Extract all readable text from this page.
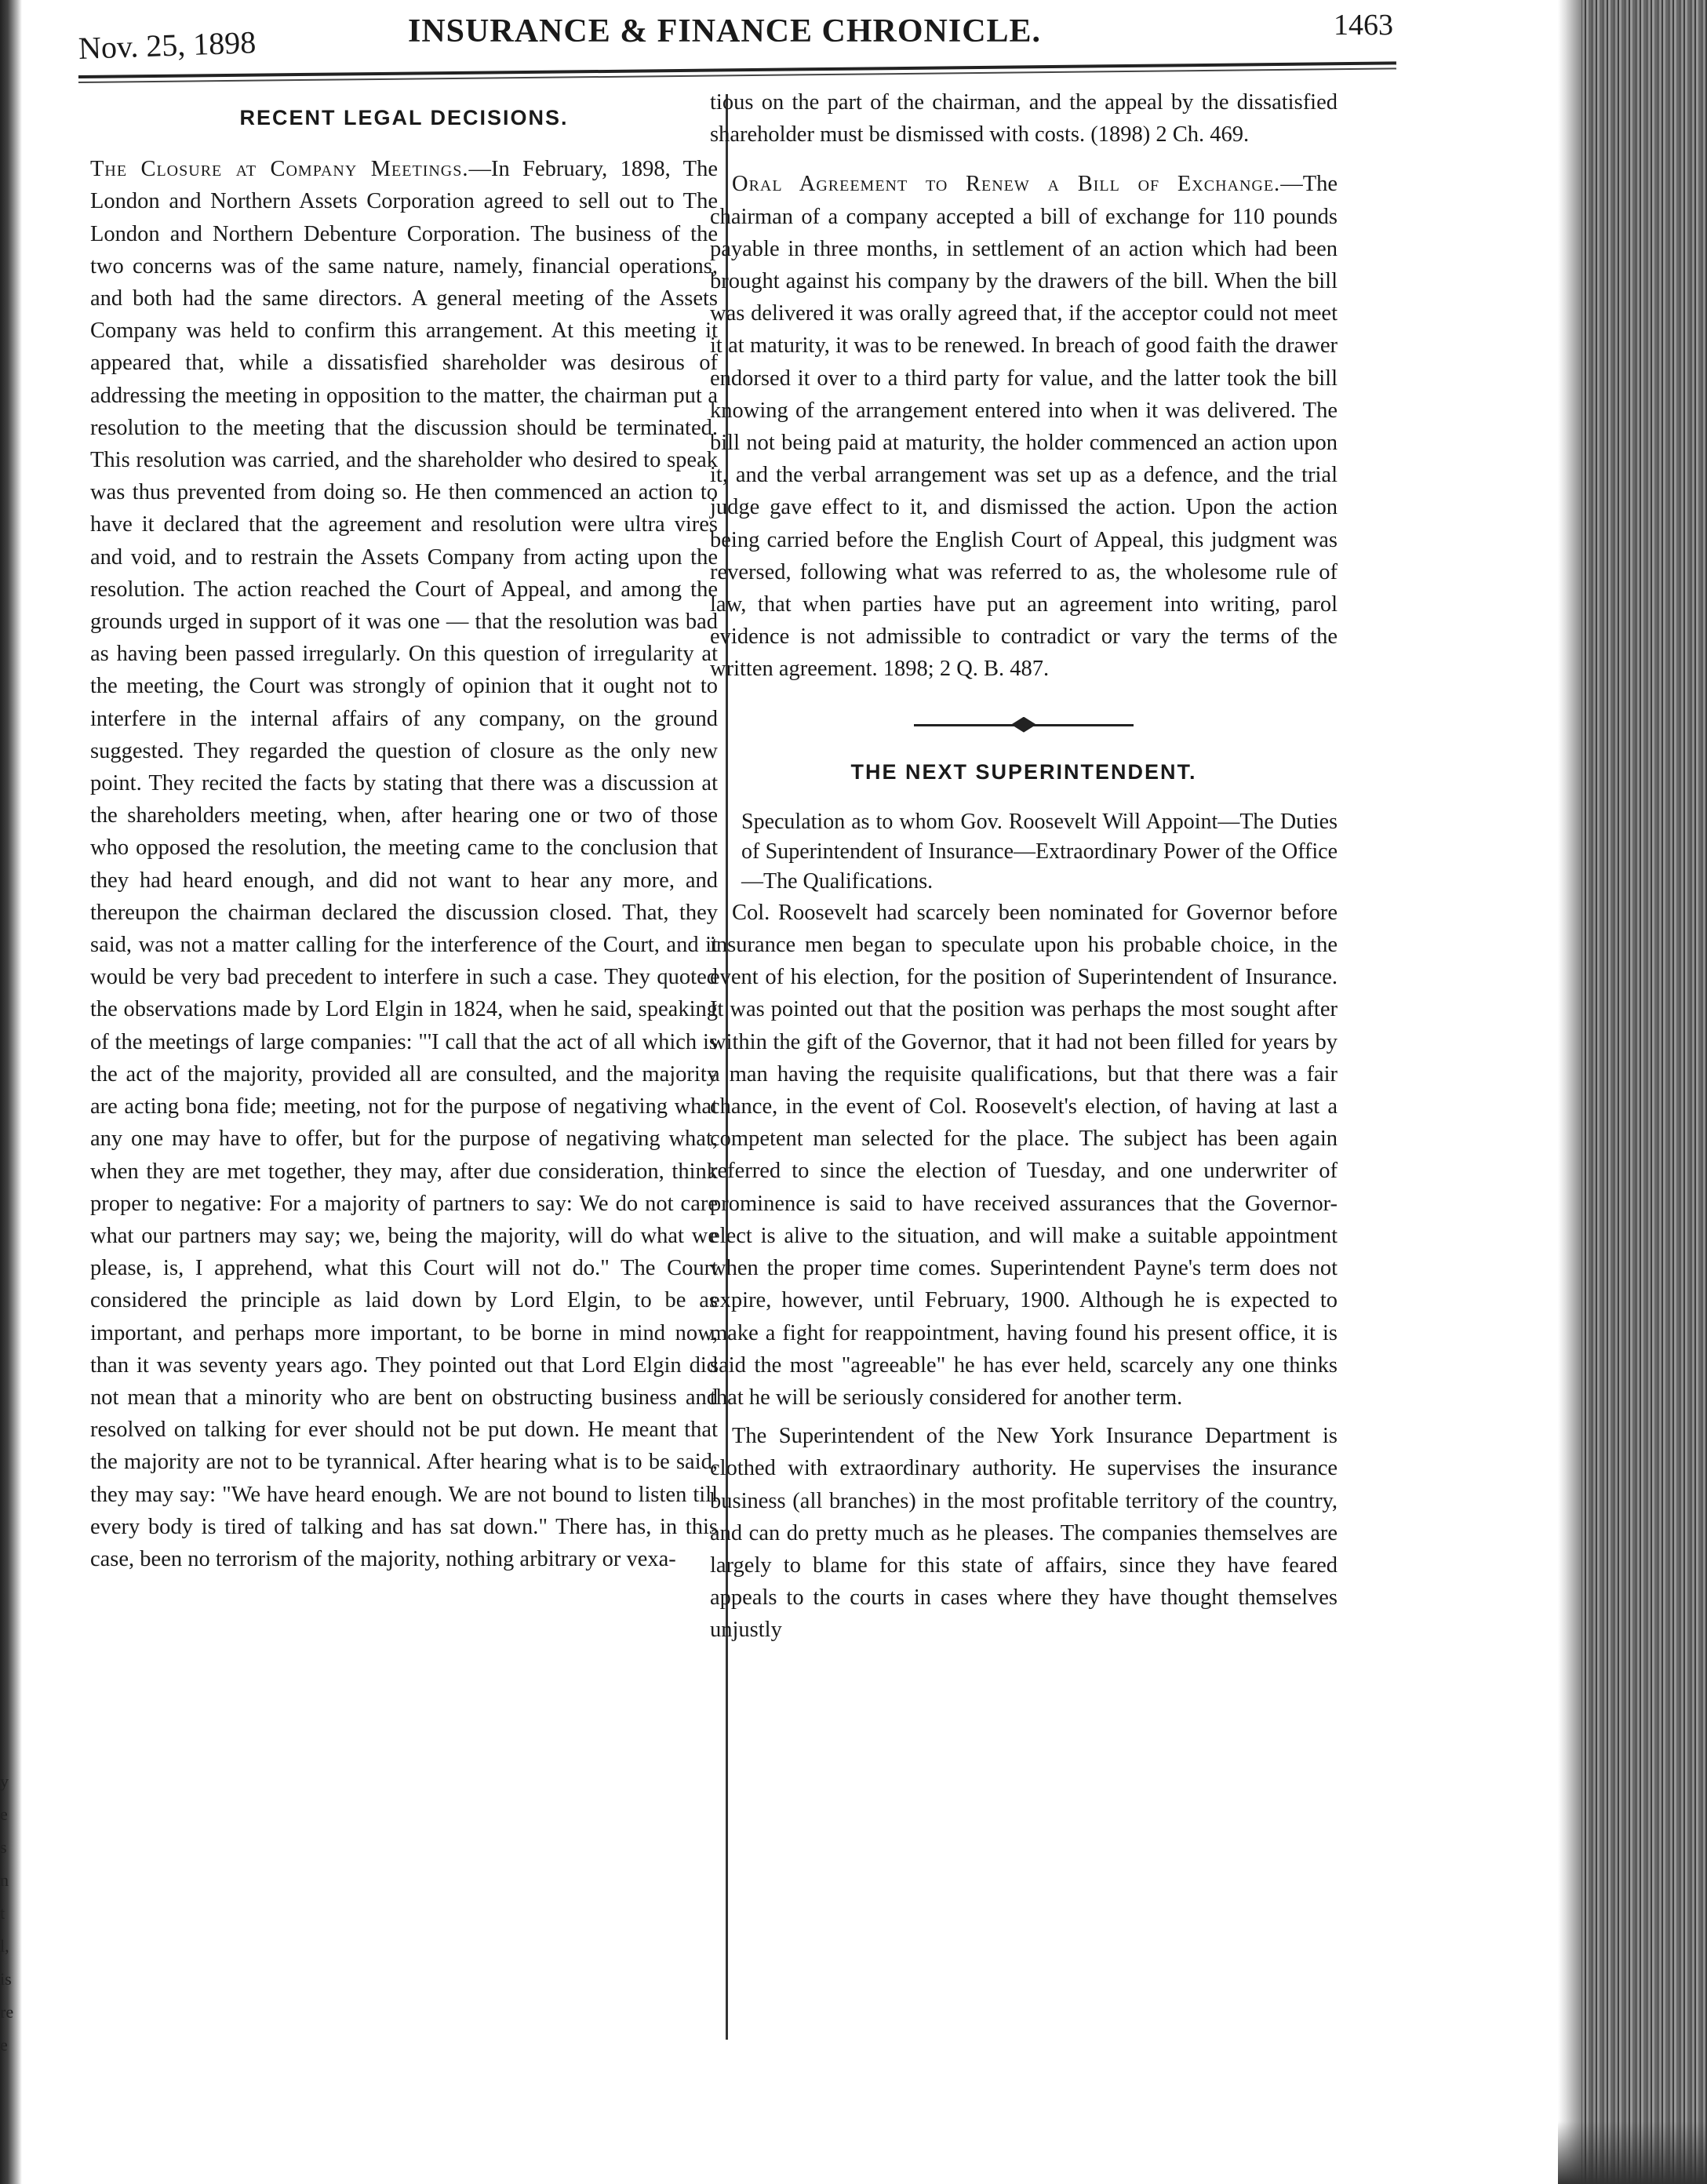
y
e
s
n
t
l,
is
re
e
Nov. 25, 1898	INSURANCE & FINANCE CHRONICLE.	1463
RECENT LEGAL DECISIONS.

The Closure at Company Meetings.—In February, 1898, The London and Northern Assets Corporation agreed to sell out to The London and Northern Debenture Corporation. The business of the two concerns was of the same nature, namely, financial operations, and both had the same directors. A general meeting of the Assets Company was held to confirm this arrangement. At this meeting it appeared that, while a dissatisfied shareholder was desirous of addressing the meeting in opposition to the matter, the chairman put a resolution to the meeting that the discussion should be terminated. This resolution was carried, and the shareholder who desired to speak was thus prevented from doing so. He then commenced an action to have it declared that the agreement and resolution were ultra vires and void, and to restrain the Assets Company from acting upon the resolution. The action reached the Court of Appeal, and among the grounds urged in support of it was one — that the resolution was bad as having been passed irregularly. On this question of irregularity at the meeting, the Court was strongly of opinion that it ought not to interfere in the internal affairs of any company, on the ground suggested. They regarded the question of closure as the only new point. They recited the facts by stating that there was a discussion at the shareholders meeting, when, after hearing one or two of those who opposed the resolution, the meeting came to the conclusion that they had heard enough, and did not want to hear any more, and thereupon the chairman declared the discussion closed. That, they said, was not a matter calling for the interference of the Court, and it would be very bad precedent to interfere in such a case. They quoted the observations made by Lord Elgin in 1824, when he said, speaking of the meetings of large companies: "'I call that the act of all which is the act of the majority, provided all are consulted, and the majority are acting bona fide; meeting, not for the purpose of negativing what any one may have to offer, but for the purpose of negativing what, when they are met together, they may, after due consideration, think proper to negative: For a majority of partners to say: We do not care what our partners may say; we, being the majority, will do what we please, is, I apprehend, what this Court will not do." The Court considered the principle as laid down by Lord Elgin, to be as important, and perhaps more important, to be borne in mind now, than it was seventy years ago. They pointed out that Lord Elgin did not mean that a minority who are bent on obstructing business and resolved on talking for ever should not be put down. He meant that the majority are not to be tyrannical. After hearing what is to be said, they may say: "We have heard enough. We are not bound to listen till every body is tired of talking and has sat down." There has, in this case, been no terrorism of the majority, nothing arbitrary or vexa-

tious on the part of the chairman, and the appeal by the dissatisfied shareholder must be dismissed with costs. (1898) 2 Ch. 469.

Oral Agreement to Renew a Bill of Exchange.—The chairman of a company accepted a bill of exchange for 110 pounds payable in three months, in settlement of an action which had been brought against his company by the drawers of the bill. When the bill was delivered it was orally agreed that, if the acceptor could not meet it at maturity, it was to be renewed. In breach of good faith the drawer endorsed it over to a third party for value, and the latter took the bill knowing of the arrangement entered into when it was delivered. The bill not being paid at maturity, the holder commenced an action upon it, and the verbal arrangement was set up as a defence, and the trial judge gave effect to it, and dismissed the action. Upon the action being carried before the English Court of Appeal, this judgment was reversed, following what was referred to as, the wholesome rule of law, that when parties have put an agreement into writing, parol evidence is not admissible to contradict or vary the terms of the written agreement. 1898; 2 Q. B. 487.

THE NEXT SUPERINTENDENT.

Speculation as to whom Gov. Roosevelt Will Appoint—The Duties of Superintendent of Insurance—Extraordinary Power of the Office—The Qualifications.

Col. Roosevelt had scarcely been nominated for Governor before insurance men began to speculate upon his probable choice, in the event of his election, for the position of Superintendent of Insurance. It was pointed out that the position was perhaps the most sought after within the gift of the Governor, that it had not been filled for years by a man having the requisite qualifications, but that there was a fair chance, in the event of Col. Roosevelt's election, of having at last a competent man selected for the place. The subject has been again referred to since the election of Tuesday, and one underwriter of prominence is said to have received assurances that the Governor-elect is alive to the situation, and will make a suitable appointment when the proper time comes. Superintendent Payne's term does not expire, however, until February, 1900. Although he is expected to make a fight for reappointment, having found his present office, it is said the most "agreeable" he has ever held, scarcely any one thinks that he will be seriously considered for another term.

The Superintendent of the New York Insurance Department is clothed with extraordinary authority. He supervises the insurance business (all branches) in the most profitable territory of the country, and can do pretty much as he pleases. The companies themselves are largely to blame for this state of affairs, since they have feared appeals to the courts in cases where they have thought themselves unjustly
